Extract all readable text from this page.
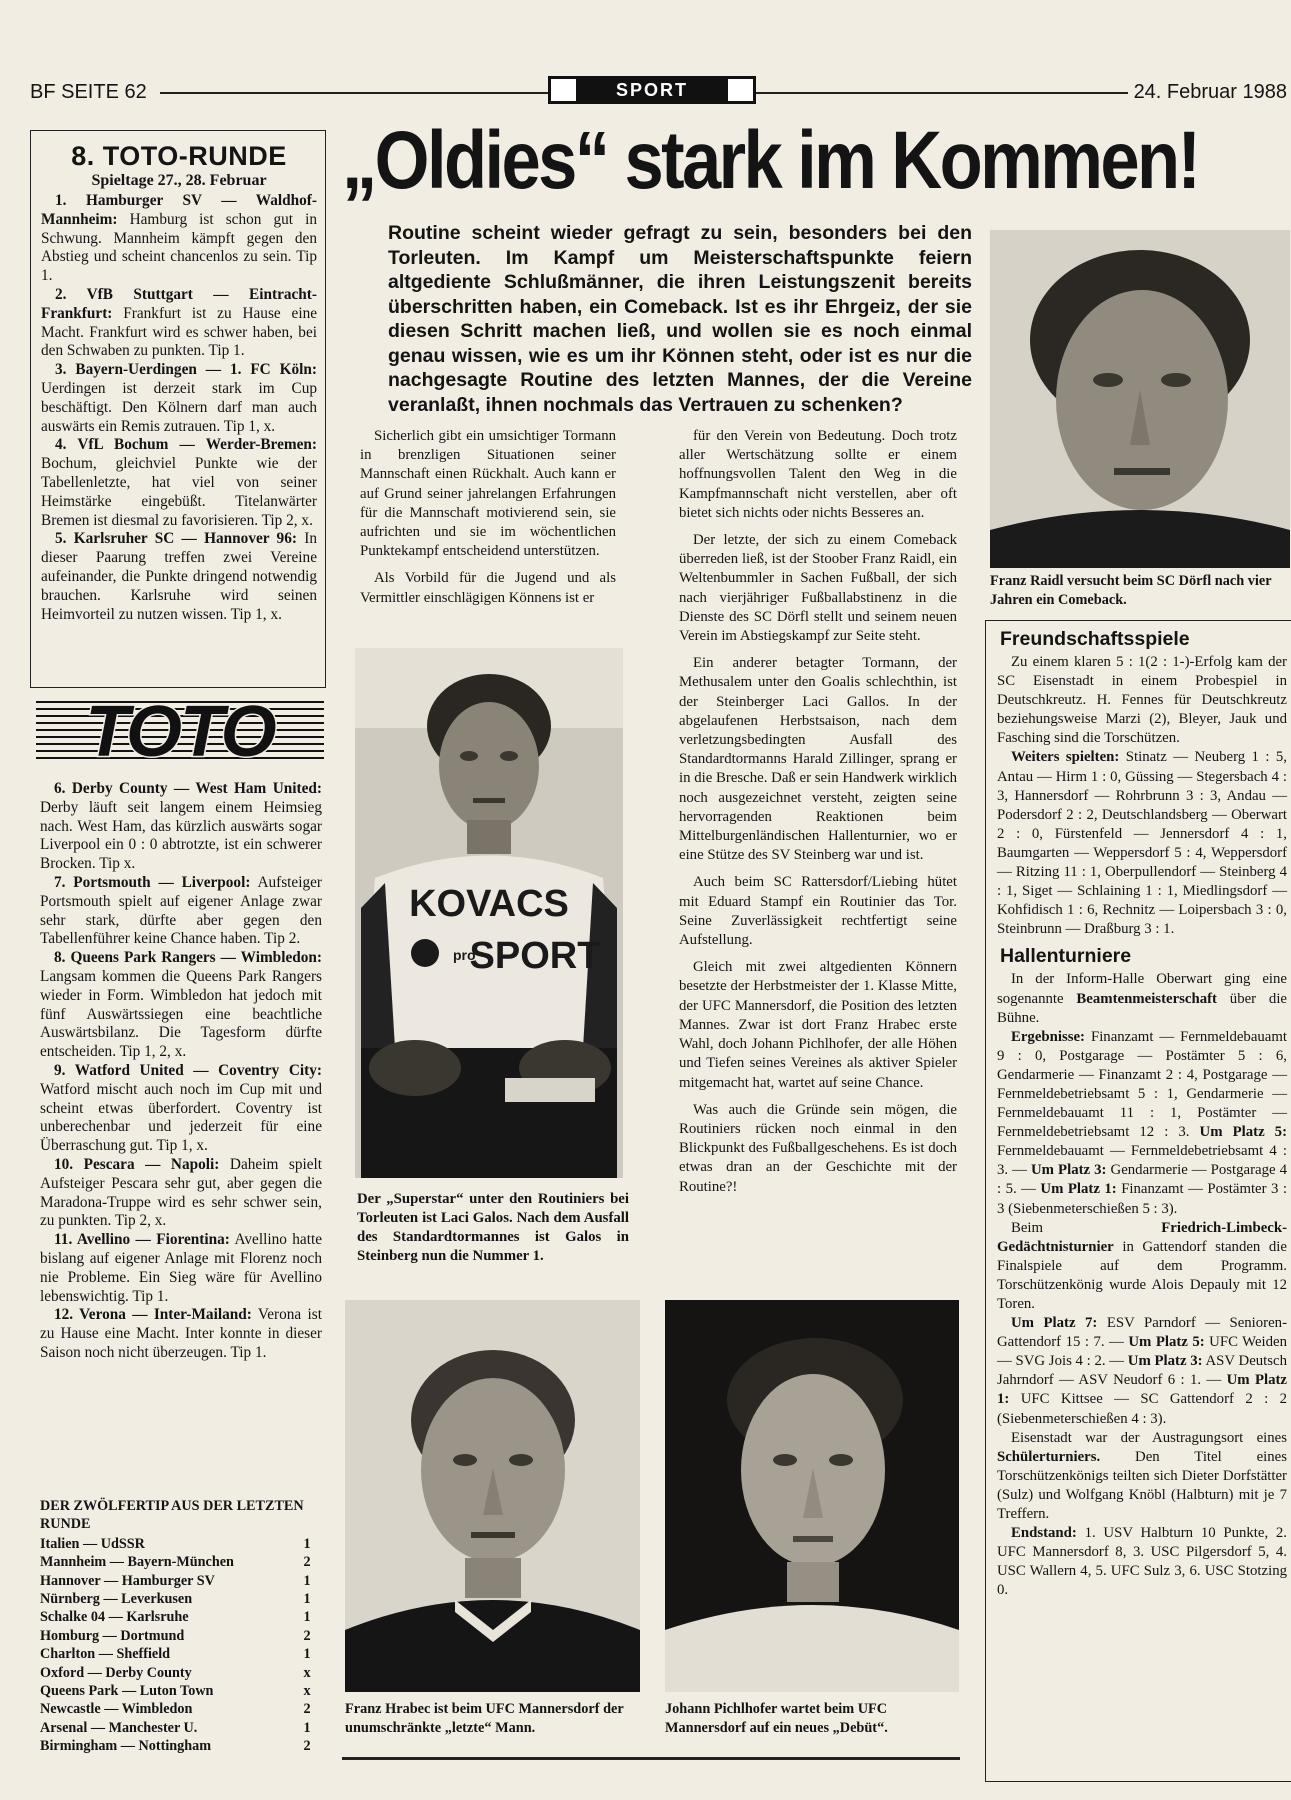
BF SEITE 62	SPORT	24. Februar 1988
8. TOTO-RUNDE
Spieltage 27., 28. Februar

1. Hamburger SV — Waldhof-Mannheim: Hamburg ist schon gut in Schwung. Mannheim kämpft gegen den Abstieg und scheint chancenlos zu sein. Tip 1.

2. VfB Stuttgart — Eintracht-Frankfurt: Frankfurt ist zu Hause eine Macht. Frankfurt wird es schwer haben, bei den Schwaben zu punkten. Tip 1.

3. Bayern-Uerdingen — 1. FC Köln: Uerdingen ist derzeit stark im Cup beschäftigt. Den Kölnern darf man auch auswärts ein Remis zutrauen. Tip 1, x.

4. VfL Bochum — Werder-Bremen: Bochum, gleichviel Punkte wie der Tabellenletzte, hat viel von seiner Heimstärke eingebüßt. Titelanwärter Bremen ist diesmal zu favorisieren. Tip 2, x.

5. Karlsruher SC — Hannover 96: In dieser Paarung treffen zwei Vereine aufeinander, die Punkte dringend notwendig brauchen. Karlsruhe wird seinen Heimvorteil zu nutzen wissen. Tip 1, x.

TOTO

6. Derby County — West Ham United: Derby läuft seit langem einem Heimsieg nach. West Ham, das kürzlich auswärts sogar Liverpool ein 0 : 0 abtrotzte, ist ein schwerer Brocken. Tip x.

7. Portsmouth — Liverpool: Aufsteiger Portsmouth spielt auf eigener Anlage zwar sehr stark, dürfte aber gegen den Tabellenführer keine Chance haben. Tip 2.

8. Queens Park Rangers — Wimbledon: Langsam kommen die Queens Park Rangers wieder in Form. Wimbledon hat jedoch mit fünf Auswärtssiegen eine beachtliche Auswärtsbilanz. Die Tagesform dürfte entscheiden. Tip 1, 2, x.

9. Watford United — Coventry City: Watford mischt auch noch im Cup mit und scheint etwas überfordert. Coventry ist unberechenbar und jederzeit für eine Überraschung gut. Tip 1, x.

10. Pescara — Napoli: Daheim spielt Aufsteiger Pescara sehr gut, aber gegen die Maradona-Truppe wird es sehr schwer sein, zu punkten. Tip 2, x.

11. Avellino — Fiorentina: Avellino hatte bislang auf eigener Anlage mit Florenz noch nie Probleme. Ein Sieg wäre für Avellino lebenswichtig. Tip 1.

12. Verona — Inter-Mailand: Verona ist zu Hause eine Macht. Inter konnte in dieser Saison noch nicht überzeugen. Tip 1.

DER ZWÖLFERTIP AUS DER LETZTEN RUNDE
Italien — UdSSR	1
Mannheim — Bayern-München	2
Hannover — Hamburger SV	1
Nürnberg — Leverkusen	1
Schalke 04 — Karlsruhe	1
Homburg — Dortmund	2
Charlton — Sheffield	1
Oxford — Derby County	x
Queens Park — Luton Town	x
Newcastle — Wimbledon	2
Arsenal — Manchester U.	1
Birmingham — Nottingham	2
„Oldies“ stark im Kommen!
Routine scheint wieder gefragt zu sein, besonders bei den Torleuten. Im Kampf um Meisterschaftspunkte feiern altgediente Schlußmänner, die ihren Leistungszenit bereits überschritten haben, ein Comeback. Ist es ihr Ehrgeiz, der sie diesen Schritt machen ließ, und wollen sie es noch einmal genau wissen, wie es um ihr Können steht, oder ist es nur die nachgesagte Routine des letzten Mannes, der die Vereine veranlaßt, ihnen nochmals das Vertrauen zu schenken?

Sicherlich gibt ein umsichtiger Tormann in brenzligen Situationen seiner Mannschaft einen Rückhalt. Auch kann er auf Grund seiner jahrelangen Erfahrungen für die Mannschaft motivierend sein, sie aufrichten und sie im wöchentlichen Punktekampf entscheidend unterstützen.

Als Vorbild für die Jugend und als Vermittler einschlägigen Könnens ist er

für den Verein von Bedeutung. Doch trotz aller Wertschätzung sollte er einem hoffnungsvollen Talent den Weg in die Kampfmannschaft nicht verstellen, aber oft bietet sich nichts oder nichts Besseres an.

Der letzte, der sich zu einem Comeback überreden ließ, ist der Stoober Franz Raidl, ein Weltenbummler in Sachen Fußball, der sich nach vierjähriger Fußballabstinenz in die Dienste des SC Dörfl stellt und seinem neuen Verein im Abstiegskampf zur Seite steht.

Ein anderer betagter Tormann, der Methusalem unter den Goalis schlechthin, ist der Steinberger Laci Gallos. In der abgelaufenen Herbstsaison, nach dem verletzungsbedingten Ausfall des Standardtormanns Harald Zillinger, sprang er in die Bresche. Daß er sein Handwerk wirklich noch ausgezeichnet versteht, zeigten seine hervorragenden Reaktionen beim Mittelburgenländischen Hallenturnier, wo er eine Stütze des SV Steinberg war und ist.

Auch beim SC Rattersdorf/Liebing hütet mit Eduard Stampf ein Routinier das Tor. Seine Zuverlässigkeit rechtfertigt seine Aufstellung.

Gleich mit zwei altgedienten Könnern besetzte der Herbstmeister der 1. Klasse Mitte, der UFC Mannersdorf, die Position des letzten Mannes. Zwar ist dort Franz Hrabec erste Wahl, doch Johann Pichlhofer, der alle Höhen und Tiefen seines Vereines als aktiver Spieler mitgemacht hat, wartet auf seine Chance.

Was auch die Gründe sein mögen, die Routiniers rücken noch einmal in den Blickpunkt des Fußballgeschehens. Es ist doch etwas dran an der Geschichte mit der Routine?!

KOVACS
pro
SPORT
Der „Superstar“ unter den Routiniers bei Torleuten ist Laci Galos. Nach dem Ausfall des Standardtormannes ist Galos in Steinberg nun die Nummer 1.
Franz Raidl versucht beim SC Dörfl nach vier Jahren ein Comeback.
Franz Hrabec ist beim UFC Mannersdorf der unumschränkte „letzte“ Mann.
Johann Pichlhofer wartet beim UFC Mannersdorf auf ein neues „Debüt“.
Freundschaftsspiele

Zu einem klaren 5 : 1(2 : 1-)-Erfolg kam der SC Eisenstadt in einem Probespiel in Deutschkreutz. H. Fennes für Deutschkreutz beziehungsweise Marzi (2), Bleyer, Jauk und Fasching sind die Torschützen.

Weiters spielten: Stinatz — Neuberg 1 : 5, Antau — Hirm 1 : 0, Güssing — Stegersbach 4 : 3, Hannersdorf — Rohrbrunn 3 : 3, Andau — Podersdorf 2 : 2, Deutschlandsberg — Oberwart 2 : 0, Fürstenfeld — Jennersdorf 4 : 1, Baumgarten — Weppersdorf 5 : 4, Weppersdorf — Ritzing 11 : 1, Oberpullendorf — Steinberg 4 : 1, Siget — Schlaining 1 : 1, Miedlingsdorf — Kohfidisch 1 : 6, Rechnitz — Loipersbach 3 : 0, Steinbrunn — Draßburg 3 : 1.

Hallenturniere

In der Inform-Halle Oberwart ging eine sogenannte Beamtenmeisterschaft über die Bühne.

Ergebnisse: Finanzamt — Fernmeldebauamt 9 : 0, Postgarage — Postämter 5 : 6, Gendarmerie — Finanzamt 2 : 4, Postgarage — Fernmeldebetriebsamt 5 : 1, Gendarmerie — Fernmeldebauamt 11 : 1, Postämter — Fernmeldebetriebsamt 12 : 3. Um Platz 5: Fernmeldebauamt — Fernmeldebetriebsamt 4 : 3. — Um Platz 3: Gendarmerie — Postgarage 4 : 5. — Um Platz 1: Finanzamt — Postämter 3 : 3 (Siebenmeterschießen 5 : 3).

Beim	Friedrich-Limbeck-Gedächtnisturnier in Gattendorf standen die Finalspiele auf dem Programm. Torschützenkönig wurde Alois Depauly mit 12 Toren.

Um Platz 7: ESV Parndorf — Senioren-Gattendorf 15 : 7. — Um Platz 5: UFC Weiden — SVG Jois 4 : 2. — Um Platz 3: ASV Deutsch Jahrndorf — ASV Neudorf 6 : 1. — Um Platz 1: UFC Kittsee — SC Gattendorf 2 : 2 (Siebenmeterschießen 4 : 3).

Eisenstadt war der Austragungsort eines Schülerturniers. Den Titel eines Torschützenkönigs teilten sich Dieter Dorfstätter (Sulz) und Wolfgang Knöbl (Halbturn) mit je 7 Treffern.

Endstand: 1. USV Halbturn 10 Punkte, 2. UFC Mannersdorf 8, 3. USC Pilgersdorf 5, 4. USC Wallern 4, 5. UFC Sulz 3, 6. USC Stotzing 0.
